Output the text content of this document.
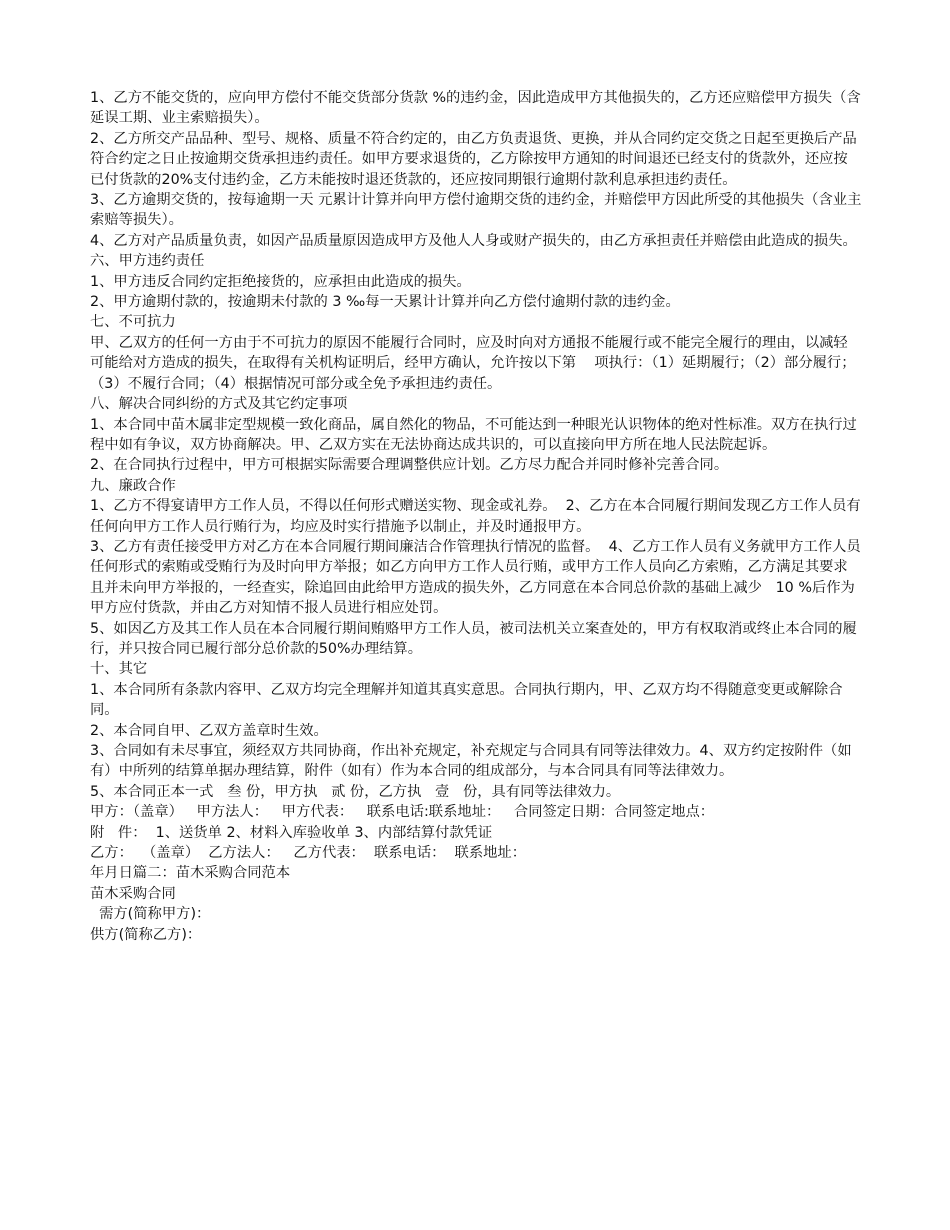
1、乙方不能交货的，应向甲方偿付不能交货部分货款 %的违约金，因此造成甲方其他损失的，乙方还应赔偿甲方损失（含延误工期、业主索赔损失）。

2、乙方所交产品品种、型号、规格、质量不符合约定的，由乙方负责退货、更换，并从合同约定交货之日起至更换后产品符合约定之日止按逾期交货承担违约责任。如甲方要求退货的，乙方除按甲方通知的时间退还已经支付的货款外，还应按已付货款的20%支付违约金，乙方未能按时退还货款的，还应按同期银行逾期付款利息承担违约责任。

3、乙方逾期交货的，按每逾期一天 元累计计算并向甲方偿付逾期交货的违约金，并赔偿甲方因此所受的其他损失（含业主索赔等损失）。

4、乙方对产品质量负责，如因产品质量原因造成甲方及他人人身或财产损失的，由乙方承担责任并赔偿由此造成的损失。

六、甲方违约责任

1、甲方违反合同约定拒绝接货的，应承担由此造成的损失。

2、甲方逾期付款的，按逾期未付款的 3 ‰每一天累计计算并向乙方偿付逾期付款的违约金。

七、不可抗力

甲、乙双方的任何一方由于不可抗力的原因不能履行合同时，应及时向对方通报不能履行或不能完全履行的理由，以减轻可能给对方造成的损失，在取得有关机构证明后，经甲方确认，允许按以下第    项执行：（1）延期履行；（2）部分履行；（3）不履行合同；（4）根据情况可部分或全免予承担违约责任。

八、解决合同纠纷的方式及其它约定事项

1、本合同中苗木属非定型规模一致化商品，属自然化的物品，不可能达到一种眼光认识物体的绝对性标准。双方在执行过程中如有争议，双方协商解决。甲、乙双方实在无法协商达成共识的，可以直接向甲方所在地人民法院起诉。

2、在合同执行过程中，甲方可根据实际需要合理调整供应计划。乙方尽力配合并同时修补完善合同。

九、廉政合作

1、乙方不得宴请甲方工作人员，不得以任何形式赠送实物、现金或礼券。  2、乙方在本合同履行期间发现乙方工作人员有任何向甲方工作人员行贿行为，均应及时实行措施予以制止，并及时通报甲方。

3、乙方有责任接受甲方对乙方在本合同履行期间廉洁合作管理执行情况的监督。  4、乙方工作人员有义务就甲方工作人员任何形式的索贿或受贿行为及时向甲方举报；如乙方向甲方工作人员行贿，或甲方工作人员向乙方索贿，乙方满足其要求且并未向甲方举报的，一经查实，除追回由此给甲方造成的损失外，乙方同意在本合同总价款的基础上减少   10 %后作为甲方应付货款，并由乙方对知情不报人员进行相应处罚。

5、如因乙方及其工作人员在本合同履行期间贿赂甲方工作人员，被司法机关立案查处的，甲方有权取消或终止本合同的履行，并只按合同已履行部分总价款的50%办理结算。

十、其它

1、本合同所有条款内容甲、乙双方均完全理解并知道其真实意思。合同执行期内，甲、乙双方均不得随意变更或解除合同。

2、本合同自甲、乙双方盖章时生效。

3、合同如有未尽事宜，须经双方共同协商，作出补充规定，补充规定与合同具有同等法律效力。4、双方约定按附件（如有）中所列的结算单据办理结算，附件（如有）作为本合同的组成部分，与本合同具有同等法律效力。

5、本合同正本一式   叁 份，甲方执   贰 份，乙方执   壹   份，具有同等法律效力。

甲方：（盖章）   甲方法人：   甲方代表：   联系电话:联系地址：   合同签定日期：合同签定地点：

附   件：  1、送货单 2、材料入库验收单 3、内部结算付款凭证

乙方：  （盖章）  乙方法人：   乙方代表：  联系电话：  联系地址：

年月日篇二：苗木采购合同范本

苗木采购合同

需方(简称甲方)：

供方(简称乙方)：
